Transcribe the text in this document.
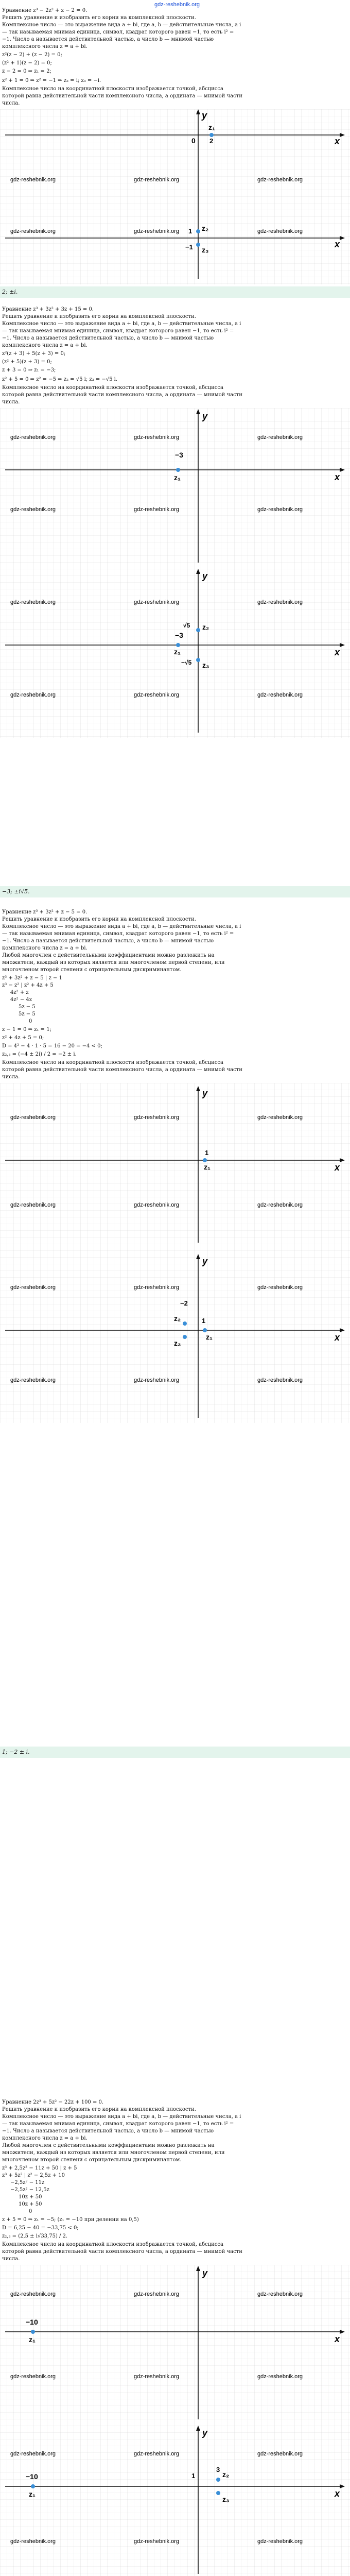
gdz-reshebnik.org
Уравнение z³ − 2z² + z − 2 = 0.
Решить уравнение и изобразить его корни на комплексной плоскости.
Комплексное число — это выражение вида a + bi, где a, b — действительные числа, a i
— так называемая мнимая единица, символ, квадрат которого равен −1, то есть i² =
−1. Число a называется действительной частью, а число b — мнимой частью
комплексного числа z = a + bi.
z²(z − 2) + (z − 2) = 0;
(z² + 1)(z − 2) = 0;
z − 2 = 0 ⇒ z₁ = 2;
z² + 1 = 0 ⇒ z² = −1 ⇒ z₂ = i; z₃ = −i.
Комплексное число на координатной плоскости изображается точкой, абсцисса
которой равна действительной части комплексного числа, а ордината — мнимой части
числа.
x
y
0
z₁
2
gdz-reshebnik.org	gdz-reshebnik.org	gdz-reshebnik.org
gdz-reshebnik.org	gdz-reshebnik.org	gdz-reshebnik.org
z₂
z₃
1
−1	x
2; ±i.
Уравнение z³ + 3z² + 3z + 15 = 0.
Решить уравнение и изобразить его корни на комплексной плоскости.
Комплексное число — это выражение вида a + bi, где a, b — действительные числа, a i
— так называемая мнимая единица, символ, квадрат которого равен −1, то есть i² =
−1. Число a называется действительной частью, а число b — мнимой частью
комплексного числа z = a + bi.
z²(z + 3) + 5(z + 3) = 0;
(z² + 5)(z + 3) = 0;
z + 3 = 0 ⇒ z₁ = −3;
z² + 5 = 0 ⇒ z² = −5 ⇒ z₂ = √5 i; z₃ = −√5 i.
Комплексное число на координатной плоскости изображается точкой, абсцисса
которой равна действительной части комплексного числа, а ордината — мнимой части
числа.
y
x
−3
z₁
gdz-reshebnik.org	gdz-reshebnik.org	gdz-reshebnik.org
gdz-reshebnik.org	gdz-reshebnik.org	gdz-reshebnik.org
y
x
−3
z₁
z₂
z₃
√5
−√5
gdz-reshebnik.org	gdz-reshebnik.org	gdz-reshebnik.org
gdz-reshebnik.org	gdz-reshebnik.org	gdz-reshebnik.org
−3; ±i√5.
Уравнение z³ + 3z² + z − 5 = 0.
Решить уравнение и изобразить его корни на комплексной плоскости.
Комплексное число — это выражение вида a + bi, где a, b — действительные числа, a i
— так называемая мнимая единица, символ, квадрат которого равен −1, то есть i² =
−1. Число a называется действительной частью, а число b — мнимой частью
комплексного числа z = a + bi.
Любой многочлен с действительными коэффициентами можно разложить на
множители, каждый из которых является или многочленом первой степени, или
многочленом второй степени с отрицательным дискриминантом.
z³ + 3z² + z − 5 | z − 1
z³ − z² | z² + 4z + 5
4z² + z
4z² − 4z
5z − 5
5z − 5
0
z − 1 = 0 ⇒ z₁ = 1;
z² + 4z + 5 = 0;
D = 4² − 4 · 1 · 5 = 16 − 20 = −4 < 0;
z₂,₃ = (−4 ± 2i) / 2 = −2 ± i.
Комплексное число на координатной плоскости изображается точкой, абсцисса
которой равна действительной части комплексного числа, а ордината — мнимой части
числа.
y
x
z₁
1
gdz-reshebnik.org	gdz-reshebnik.org	gdz-reshebnik.org
gdz-reshebnik.org	gdz-reshebnik.org	gdz-reshebnik.org
y
x
z₁
z₂
z₃
−2
1
gdz-reshebnik.org	gdz-reshebnik.org	gdz-reshebnik.org
gdz-reshebnik.org	gdz-reshebnik.org	gdz-reshebnik.org
1; −2 ± i.
Уравнение 2z³ + 5z² − 22z + 100 = 0.
Решить уравнение и изобразить его корни на комплексной плоскости.
Комплексное число — это выражение вида a + bi, где a, b — действительные числа, a i
— так называемая мнимая единица, символ, квадрат которого равен −1, то есть i² =
−1. Число a называется действительной частью, а число b — мнимой частью
комплексного числа z = a + bi.
Любой многочлен с действительными коэффициентами можно разложить на
множители, каждый из которых является или многочленом первой степени, или
многочленом второй степени с отрицательным дискриминантом.
z³ + 2,5z² − 11z + 50 | z + 5
z³ + 5z² | z² − 2,5z + 10
−2,5z² − 11z
−2,5z² − 12,5z
10z + 50
10z + 50
0
z + 5 = 0 ⇒ z₁ = −5; (z₁ = −10 при делении на 0,5)
D = 6,25 − 40 = −33,75 < 0;
z₂,₃ = (2,5 ± i√33,75) / 2.
Комплексное число на координатной плоскости изображается точкой, абсцисса
которой равна действительной части комплексного числа, а ордината — мнимой части
числа.
y
x
−10
z₁
gdz-reshebnik.org	gdz-reshebnik.org	gdz-reshebnik.org
gdz-reshebnik.org	gdz-reshebnik.org	gdz-reshebnik.org
y
x
−10
z₁
z₂
z₃
3
1
gdz-reshebnik.org	gdz-reshebnik.org	gdz-reshebnik.org
gdz-reshebnik.org	gdz-reshebnik.org	gdz-reshebnik.org
